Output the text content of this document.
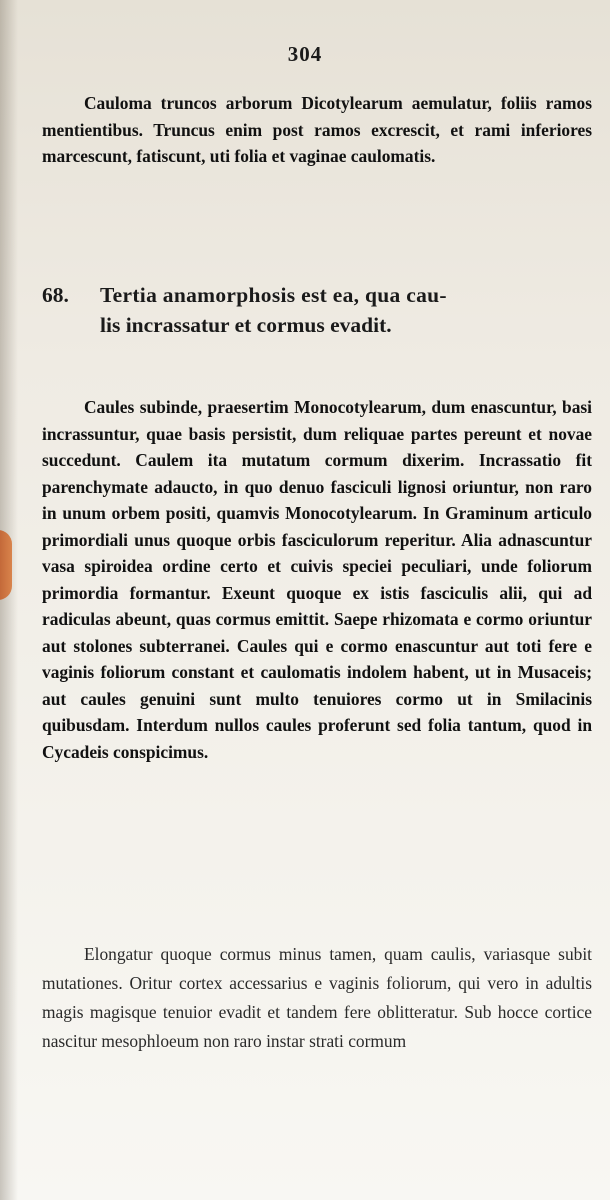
304
Cauloma truncos arborum Dicotylearum aemulatur, foliis ramos mentientibus. Truncus enim post ramos excrescit, et rami inferiores marcescunt, fatiscunt, uti folia et vaginae caulomatis.
68. Tertia anamorphosis est ea, qua cau-
lis incrassatur et cormus evadit.
Caules subinde, praesertim Monocotylearum, dum enascuntur, basi incrassuntur, quae basis persistit, dum reliquae partes pereunt et novae succedunt. Caulem ita mutatum cormum dixerim. Incrassatio fit parenchymate adaucto, in quo denuo fasciculi lignosi oriuntur, non raro in unum orbem positi, quamvis Monocotylearum. In Graminum articulo primordiali unus quoque orbis fasciculorum reperitur. Alia adnascuntur vasa spiroidea ordine certo et cuivis speciei peculiari, unde foliorum primordia formantur. Exeunt quoque ex istis fasciculis alii, qui ad radiculas abeunt, quas cormus emittit. Saepe rhizomata e cormo oriuntur aut stolones subterranei. Caules qui e cormo enascuntur aut toti fere e vaginis foliorum constant et caulomatis indolem habent, ut in Musaceis; aut caules genuini sunt multo tenuiores cormo ut in Smilacinis quibusdam. Interdum nullos caules proferunt sed folia tantum, quod in Cycadeis conspicimus.
Elongatur quoque cormus minus tamen, quam caulis, variasque subit mutationes. Oritur cortex accessarius e vaginis foliorum, qui vero in adultis magis magisque tenuior evadit et tandem fere oblitteratur. Sub hocce cortice nascitur mesophloeum non raro instar strati cormum
